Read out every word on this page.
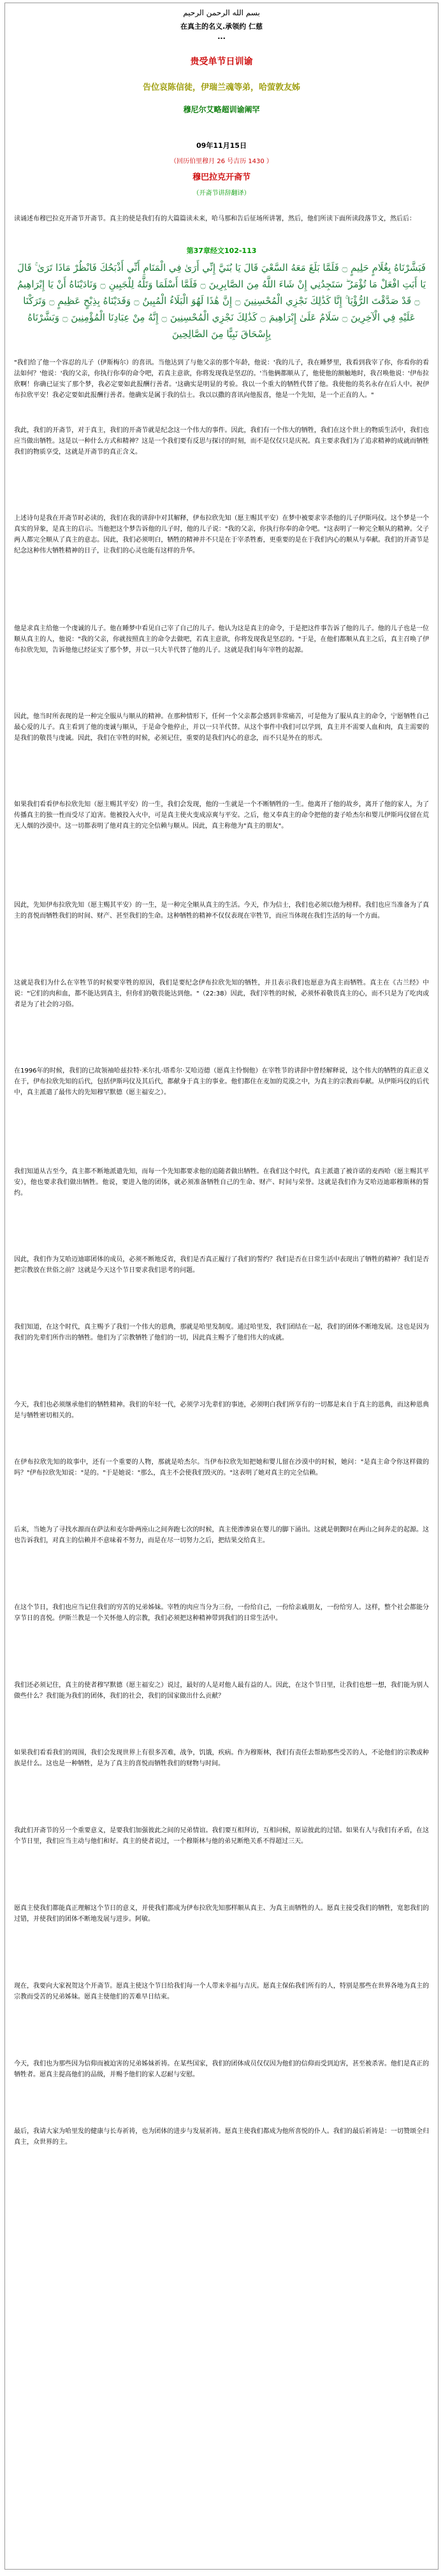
بسم الله الرحمن الرحيم
在真主的名义.承领约 仁慈
...
贵受单节日训谕
告位哀陈信徒，伊瑞兰魂等弟，哈萤敦友姊
穆尼尔艾略超训谕阐罕
09年11月15日
（回历伯里穆月 26 号吉历 1430 ）
穆巴拉克开斋节
（开斋节讲辞翻译）
读诵述布穆巴拉克开斋节开斋节。真主的使是我们有的大篇篇读未来，哈马那和告后征场所讲署，然后，他们所读下面所读段落节文，然后后：
第37章经文102-113
فَبَشَّرْنَاهُ بِغُلَامٍ حَلِيمٍ ۝ فَلَمَّا بَلَغَ مَعَهُ السَّعْيَ قَالَ يَا بُنَيَّ إِنِّي أَرَىٰ فِي الْمَنَامِ أَنِّي أَذْبَحُكَ فَانْظُرْ مَاذَا تَرَىٰ ۚ قَالَ يَا أَبَتِ افْعَلْ مَا تُؤْمَرُ ۖ سَتَجِدُنِي إِنْ شَاءَ اللَّهُ مِنَ الصَّابِرِينَ ۝ فَلَمَّا أَسْلَمَا وَتَلَّهُ لِلْجَبِينِ ۝ وَنَادَيْنَاهُ أَنْ يَا إِبْرَاهِيمُ ۝ قَدْ صَدَّقْتَ الرُّؤْيَا ۚ إِنَّا كَذَٰلِكَ نَجْزِي الْمُحْسِنِينَ ۝ إِنَّ هَٰذَا لَهُوَ الْبَلَاءُ الْمُبِينُ ۝ وَفَدَيْنَاهُ بِذِبْحٍ عَظِيمٍ ۝ وَتَرَكْنَا عَلَيْهِ فِي الْآخِرِينَ ۝ سَلَامٌ عَلَىٰ إِبْرَاهِيمَ ۝ كَذَٰلِكَ نَجْزِي الْمُحْسِنِينَ ۝ إِنَّهُ مِنْ عِبَادِنَا الْمُؤْمِنِينَ ۝ وَبَشَّرْنَاهُ بِإِسْحَاقَ نَبِيًّا مِنَ الصَّالِحِينَ
"我们给了他一个容忍的儿子（伊斯梅尔）的喜讯。当他达到了与他父亲的那个年龄，他说：'我的儿子，我在睡梦里，我看到我宰了你，你看你的看法如何？'他说：'我的父亲，你执行你奉的命令吧，若真主意欲，你将发现我是坚忍的。'当他俩都顺从了，他使他的额触地时，我召唤他说：'伊布拉欣啊！你确已证实了那个梦，我必定要如此报酬行善者。'这确实是明显的考验。我以一个重大的牺牲代替了他。我使他的英名永存在后人中。祝伊布拉欣平安！我必定要如此报酬行善者。他确实是属于我的信士。我以以撒的喜讯向他报喜，他是一个先知，是一个正直的人。"
我此，我们的开斋节，对于真主，我们的开斋节就是纪念这一个伟大的事件。因此，我们有一个伟大的牺牲，我们在这个世上的物质生活中，我们也应当做出牺牲。这是以一种什么方式和精神？这是一个我们要有反思与探讨的时刻，而不是仅仅只是庆祝。真主要求我们为了追求精神的成就而牺牲我们的物质享受，这就是开斋节的真正含义。
上述诗句是我在开斋节时必读的，我们在我的讲辞中对其解释，伊布拉欣先知（愿主赐其平安）在梦中被要求宰杀他的儿子伊斯玛仪。这个梦是一个真实的异象，是真主的启示。当他把这个梦告诉他的儿子时，他的儿子说："我的父亲，你执行你奉的命令吧。"这表明了一种完全顺从的精神。父子两人都完全顺从了真主的意志。因此，我们必须明白，牺牲的精神并不只是在于宰杀牲畜，更重要的是在于我们内心的顺从与奉献。我们的开斋节是纪念这种伟大牺牲精神的日子，让我们的心灵也能有这样的升华。
他是求真主给他一个虔诚的儿子。他在睡梦中看见自己宰了自己的儿子。他认为这是真主的命令，于是把这件事告诉了他的儿子。他的儿子也是一位顺从真主的人，他说："我的父亲，你就按照真主的命令去做吧，若真主意欲，你将发现我是坚忍的。"于是，在他们都顺从真主之后，真主召唤了伊布拉欣先知，告诉他他已经证实了那个梦，并以一只大羊代替了他的儿子。这就是我们每年宰牲的起源。
因此，他当时所表现的是一种完全服从与顺从的精神。在那种情形下，任何一个父亲都会感到非常痛苦，可是他为了服从真主的命令，宁愿牺牲自己最心爱的儿子。真主看到了他的虔诚与顺从，于是命令他停止，并以一只羊代替。从这个事件中我们可以学到，真主并不需要人血和肉，真主需要的是我们的敬畏与虔诚。因此，我们在宰牲的时候，必须记住，重要的是我们内心的意念，而不只是外在的形式。
如果我们看看伊布拉欣先知（愿主赐其平安）的一生，我们会发现，他的一生就是一个不断牺牲的一生。他离开了他的故乡，离开了他的家人，为了传播真主的独一性而受尽了迫害。他被投入火中，可是真主使火变成凉爽与平安。之后，他又奉真主的命令把他的妻子哈杰尔和婴儿伊斯玛仪留在荒无人烟的沙漠中。这一切都表明了他对真主的完全信赖与顺从。因此，真主称他为"真主的朋友"。
因此，先知伊布拉欣先知（愿主赐其平安）的一生，是一种完全顺从真主的生活。今天，作为信士，我们也必须以他为榜样。我们也应当准备为了真主的喜悦而牺牲我们的时间、财产、甚至我们的生命。这种牺牲的精神不仅仅表现在宰牲节，而应当体现在我们生活的每一个方面。
这就是我们为什么在宰牲节的时候要宰牲的原因，我们是要纪念伊布拉欣先知的牺牲，并且表示我们也愿意为真主而牺牲。真主在《古兰经》中说："它们的肉和血，都不能达到真主，但你们的敬畏能达到他。"（22:38）因此，我们宰牲的时候，必须怀着敬畏真主的心，而不只是为了吃肉或者是为了社会的习俗。
在1996年的时候，我们的已故领袖哈兹拉特·米尔扎·塔希尔·艾哈迈德（愿真主怜悯他）在宰牲节的讲辞中曾经解释说，这个伟大的牺牲的真正意义在于，伊布拉欣先知的后代，包括伊斯玛仪及其后代，都献身于真主的事业。他们都住在麦加的荒漠之中，为真主的宗教而奉献。从伊斯玛仪的后代中，真主派遣了最伟大的先知穆罕默德（愿主福安之）。
我们知道从古至今，真主都不断地派遣先知，而每一个先知都要求他的追随者做出牺牲。在我们这个时代，真主派遣了被许诺的麦西哈（愿主赐其平安），他也要求我们做出牺牲。他说，要进入他的团体，就必须准备牺牲自己的生命、财产、时间与荣誉。这就是我们作为艾哈迈迪耶穆斯林的誓约。
因此，我们作为艾哈迈迪耶团体的成员，必须不断地反省，我们是否真正履行了我们的誓约？我们是否在日常生活中表现出了牺牲的精神？我们是否把宗教放在世俗之前？这就是今天这个节日要求我们思考的问题。
我们知道，在这个时代，真主赐予了我们一个伟大的恩典，那就是哈里发制度。通过哈里发，我们团结在一起，我们的团体不断地发展。这也是因为我们的先辈们所作出的牺牲。他们为了宗教牺牲了他们的一切，因此真主赐予了他们伟大的成就。
今天，我们也必须继承他们的牺牲精神。我们的年轻一代，必须学习先辈们的事迹，必须明白我们所享有的一切都是来自于真主的恩典，而这种恩典是与牺牲密切相关的。
在伊布拉欣先知的故事中，还有一个重要的人物，那就是哈杰尔。当伊布拉欣先知把她和婴儿留在沙漠中的时候，她问："是真主命令你这样做的吗？"伊布拉欣先知说："是的。"于是她说："那么，真主不会使我们毁灭的。"这表明了她对真主的完全信赖。
后来，当她为了寻找水源而在萨法和麦尔卧两座山之间奔跑七次的时候，真主使渗渗泉在婴儿的脚下涌出。这就是朝觐时在两山之间奔走的起源。这也告诉我们，对真主的信赖并不意味着不努力，而是在尽一切努力之后，把结果交给真主。
在这个节日，我们也应当记住我们的穷苦的兄弟姊妹。宰牲的肉应当分为三份，一份给自己，一份给亲戚朋友，一份给穷人。这样，整个社会都能分享节日的喜悦。伊斯兰教是一个关怀他人的宗教，我们必须把这种精神带到我们的日常生活中。
我们还必须记住，真主的使者穆罕默德（愿主福安之）说过，最好的人是对他人最有益的人。因此，在这个节日里，让我们也想一想，我们能为别人做些什么？我们能为我们的团体，我们的社会，我们的国家做出什么贡献？
如果我们看看我们的周围，我们会发现世界上有很多苦难，战争，饥饿，疾病。作为穆斯林，我们有责任去帮助那些受苦的人，不论他们的宗教或种族是什么。这也是一种牺牲，是为了真主的喜悦而牺牲我们的财物与时间。
我此们开斋节的另一个重要意义，是要我们加强彼此之间的兄弟情谊。我们要互相拜访，互相问候，原谅彼此的过错。如果有人与我们有矛盾，在这个节日里，我们应当主动与他们和好。真主的使者说过，一个穆斯林与他的弟兄断绝关系不得超过三天。
愿真主使我们都能真正理解这个节日的意义，并使我们都成为伊布拉欣先知那样顺从真主、为真主而牺牲的人。愿真主接受我们的牺牲，宽恕我们的过错，并使我们的团体不断地发展与进步。阿敏。
现在，我要向大家祝贺这个开斋节。愿真主使这个节日给我们每一个人带来幸福与吉庆。愿真主保佑我们所有的人，特别是那些在世界各地为真主的宗教而受苦的兄弟姊妹。愿真主使他们的苦难早日结束。
今天，我们也为那些因为信仰而被迫害的兄弟姊妹祈祷。在某些国家，我们的团体成员仅仅因为他们的信仰而受到迫害，甚至被杀害。他们是真正的牺牲者。愿真主提高他们的品级，并赐予他们的家人忍耐与安慰。
最后，我请大家为哈里发的健康与长寿祈祷，也为团体的进步与发展祈祷。愿真主使我们都成为他所喜悦的仆人。我们的最后祈祷是：一切赞颂全归真主，众世界的主。
